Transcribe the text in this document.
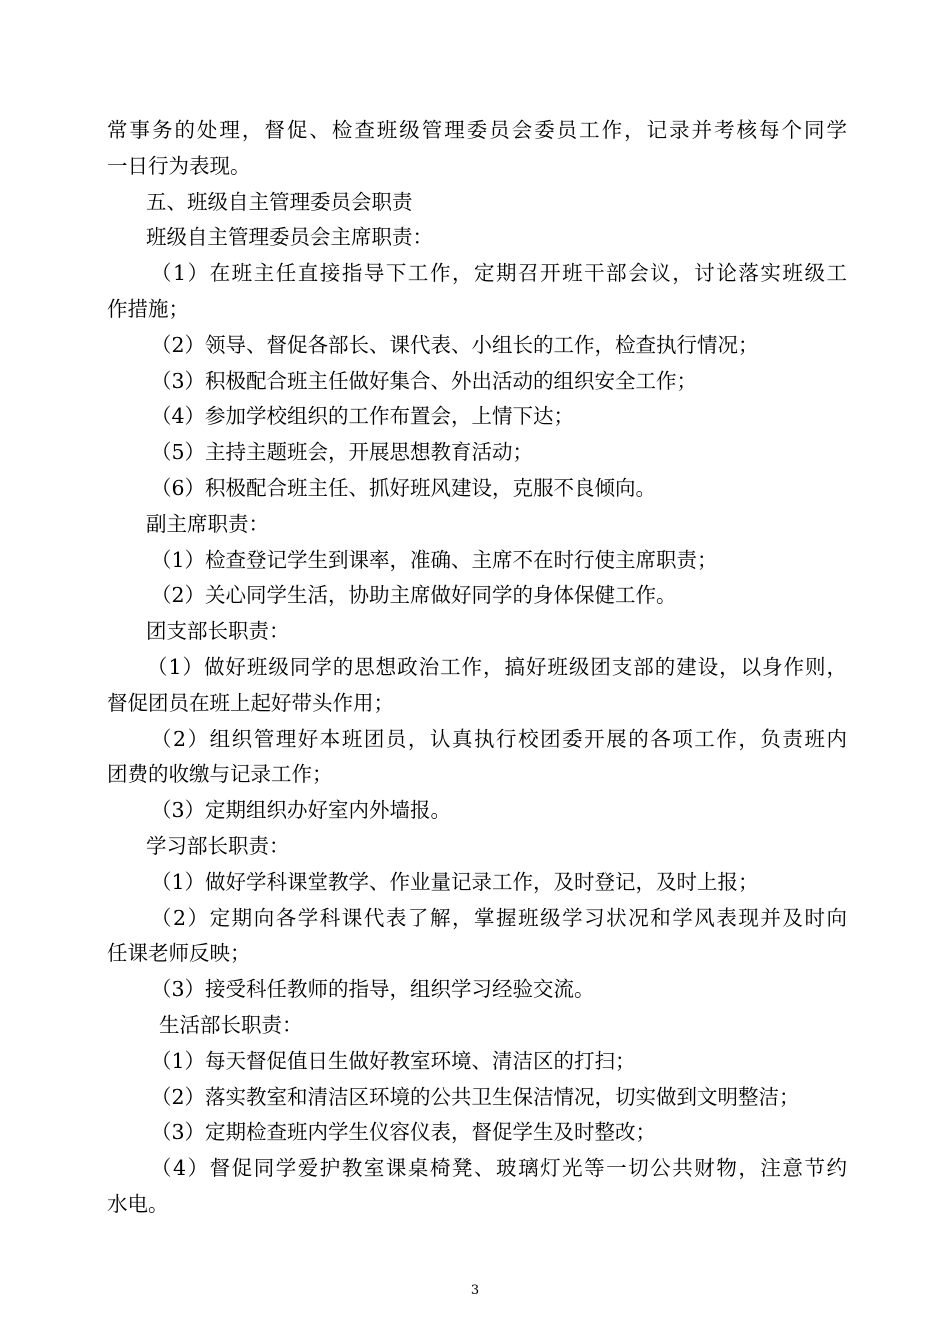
常事务的处理，督促、检查班级管理委员会委员工作，记录并考核每个同学
一日行为表现。
五、班级自主管理委员会职责
班级自主管理委员会主席职责：
（1）在班主任直接指导下工作，定期召开班干部会议，讨论落实班级工
作措施；
（2）领导、督促各部长、课代表、小组长的工作，检查执行情况；
（3）积极配合班主任做好集合、外出活动的组织安全工作；
（4）参加学校组织的工作布置会，上情下达；
（5）主持主题班会，开展思想教育活动；
（6）积极配合班主任、抓好班风建设，克服不良倾向。
副主席职责：
（1）检查登记学生到课率，准确、主席不在时行使主席职责；
（2）关心同学生活，协助主席做好同学的身体保健工作。
团支部长职责：
（1）做好班级同学的思想政治工作，搞好班级团支部的建设，以身作则，
督促团员在班上起好带头作用；
（2）组织管理好本班团员，认真执行校团委开展的各项工作，负责班内
团费的收缴与记录工作；
（3）定期组织办好室内外墙报。
学习部长职责：
（1）做好学科课堂教学、作业量记录工作，及时登记，及时上报；
（2）定期向各学科课代表了解，掌握班级学习状况和学风表现并及时向
任课老师反映；
（3）接受科任教师的指导，组织学习经验交流。
生活部长职责：
（1）每天督促值日生做好教室环境、清洁区的打扫；
（2）落实教室和清洁区环境的公共卫生保洁情况，切实做到文明整洁；
（3）定期检查班内学生仪容仪表，督促学生及时整改；
（4）督促同学爱护教室课桌椅凳、玻璃灯光等一切公共财物，注意节约
水电。
3
